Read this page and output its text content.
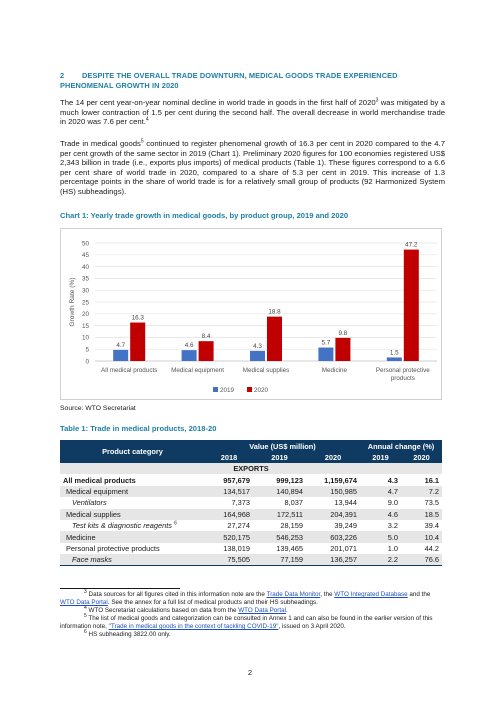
2 DESPITE THE OVERALL TRADE DOWNTURN, MEDICAL GOODS TRADE EXPERIENCED PHENOMENAL GROWTH IN 2020

The 14 per cent year-on-year nominal decline in world trade in goods in the first half of 2020$^3$ was mitigated by a much lower contraction of 1.5 per cent during the second half. The overall decrease in world merchandise trade in 2020 was 7.6 per cent.$^4$

Trade in medical goods$^5$ continued to register phenomenal growth of 16.3 per cent in 2020 compared to the 4.7 per cent growth of the same sector in 2019 (Chart 1). Preliminary 2020 figures for 100 economies registered US$ 2,343 billion in trade (i.e., exports plus imports) of medical products (Table 1). These figures correspond to a 6.6 per cent share of world trade in 2020, compared to a share of 5.3 per cent in 2019. This increase of 1.3 percentage points in the share of world trade is for a relatively small group of products (92 Harmonized System (HS) subheadings).

Chart 1: Yearly trade growth in medical goods, by product group, 2019 and 2020
0
5
10
15
20
25
30
35
40
45
50
Growth Rate (%)
4.7
16.3
All medical products
4.6
8.4
Medical equipment
4.3
18.8
Medical supplies
5.7
9.8
Medicine
1.5
47.2
Personal protective
products
2019	2020
Source: WTO Secretariat
Table 1: Trade in medical products, 2018-20
Product category	Value (US$ million)			Annual change (%)	
	2018	2019	2020	2019	2020
EXPORTS					
All medical products	957,679	999,123	1,159,674	4.3	16.1
Medical equipment	134,517	140,894	150,985	4.7	7.2
Ventilators	7,373	8,037	13,944	9.0	73.5
Medical supplies	164,968	172,511	204,391	4.6	18.5
Test kits & diagnostic reagents $^6$	27,274	28,159	39,249	3.2	39.4
Medicine	520,175	546,253	603,226	5.0	10.4
Personal protective products	138,019	139,465	201,071	1.0	44.2
Face masks	75,505	77,159	136,257	2.2	76.6

$^3$ Data sources for all figures cited in this information note are the Trade Data Monitor, the WTO Integrated Database and the WTO Data Portal. See the annex for a full list of medical products and their HS subheadings.

$^4$ WTO Secretariat calculations based on data from the WTO Data Portal.

$^5$ The list of medical goods and categorization can be consulted in Annex 1 and can also be found in the earlier version of this information note, "Trade in medical goods in the context of tackling COVID-19", issued on 3 April 2020.

$^6$ HS subheading 3822.00 only.

2
